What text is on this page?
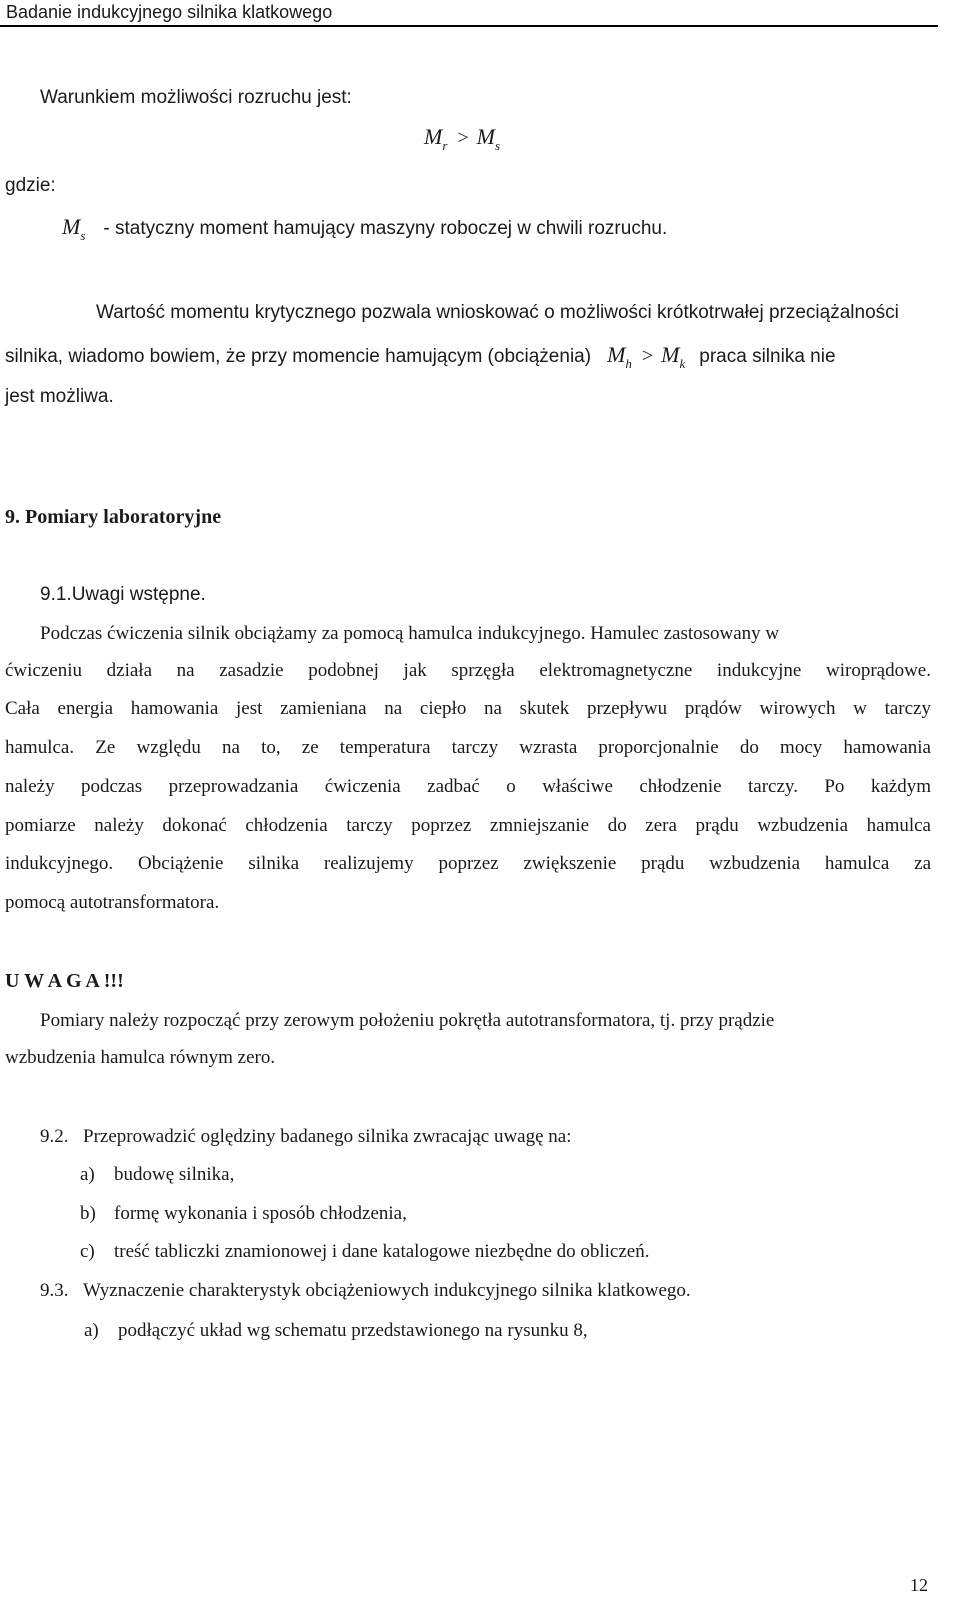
Badanie indukcyjnego silnika klatkowego
Warunkiem możliwości rozruchu jest:
$M_r > M_s$
gdzie:
$M_s$ - statyczny moment hamujący maszyny roboczej w chwili rozruchu.
Wartość momentu krytycznego pozwala wnioskować o możliwości krótkotrwałej przeciążalności
silnika, wiadomo bowiem, że przy momencie hamującym (obciążenia) $M_h > M_k$ praca silnika nie
jest możliwa.
9. Pomiary laboratoryjne
9.1.Uwagi wstępne.
Podczas ćwiczenia silnik obciążamy za pomocą hamulca indukcyjnego. Hamulec zastosowany w
ćwiczeniu działa na zasadzie podobnej jak sprzęgła elektromagnetyczne indukcyjne wiroprądowe.
Cała energia hamowania jest zamieniana na ciepło na skutek przepływu prądów wirowych w tarczy
hamulca. Ze względu na to, ze temperatura tarczy wzrasta proporcjonalnie do mocy hamowania
należy podczas przeprowadzania ćwiczenia zadbać o właściwe chłodzenie tarczy. Po każdym
pomiarze należy dokonać chłodzenia tarczy poprzez zmniejszanie do zera prądu wzbudzenia hamulca
indukcyjnego. Obciążenie silnika realizujemy poprzez zwiększenie prądu wzbudzenia hamulca za
pomocą autotransformatora.
U W A G A !!!
Pomiary należy rozpocząć przy zerowym położeniu pokrętła autotransformatora, tj. przy prądzie
wzbudzenia hamulca równym zero.
9.2. Przeprowadzić oględziny badanego silnika zwracając uwagę na:
a) budowę silnika,
b) formę wykonania i sposób chłodzenia,
c) treść tabliczki znamionowej i dane katalogowe niezbędne do obliczeń.
9.3. Wyznaczenie charakterystyk obciążeniowych indukcyjnego silnika klatkowego.
a) podłączyć układ wg schematu przedstawionego na rysunku 8,
12
